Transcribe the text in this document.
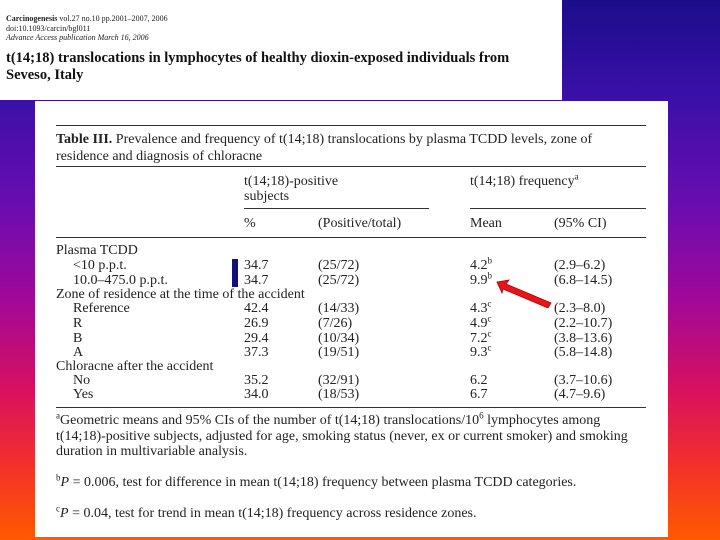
Carcinogenesis vol.27 no.10 pp.2001–2007, 2006
doi:10.1093/carcin/bgl011
Advance Access publication March 16, 2006
t(14;18) translocations in lymphocytes of healthy dioxin-exposed individuals from Seveso, Italy
Table III. Prevalence and frequency of t(14;18) translocations by plasma TCDD levels, zone of residence and diagnosis of chloracne
t(14;18)-positive subjects
t(14;18) frequency$^a$
%	(Positive/total)	Mean	(95% CI)
Plasma TCDD
<10 p.p.t.	34.7	(25/72)	4.2$^b$	(2.9–6.2)
10.0–475.0 p.p.t.	34.7	(25/72)	9.9$^b$	(6.8–14.5)
Zone of residence at the time of the accident
Reference	42.4	(14/33)	4.3$^c$	(2.3–8.0)
R	26.9	(7/26)	4.9$^c$	(2.2–10.7)
B	29.4	(10/34)	7.2$^c$	(3.8–13.6)
A	37.3	(19/51)	9.3$^c$	(5.8–14.8)
Chloracne after the accident
No	35.2	(32/91)	6.2	(3.7–10.6)
Yes	34.0	(18/53)	6.7	(4.7–9.6)
$^a$Geometric means and 95% CIs of the number of t(14;18) translocations/$10^6$ lymphocytes among t(14;18)-positive subjects, adjusted for age, smoking status (never, ex or current smoker) and smoking duration in multivariable analysis.
$^b$P = 0.006, test for difference in mean t(14;18) frequency between plasma TCDD categories.
$^c$P = 0.04, test for trend in mean t(14;18) frequency across residence zones.
